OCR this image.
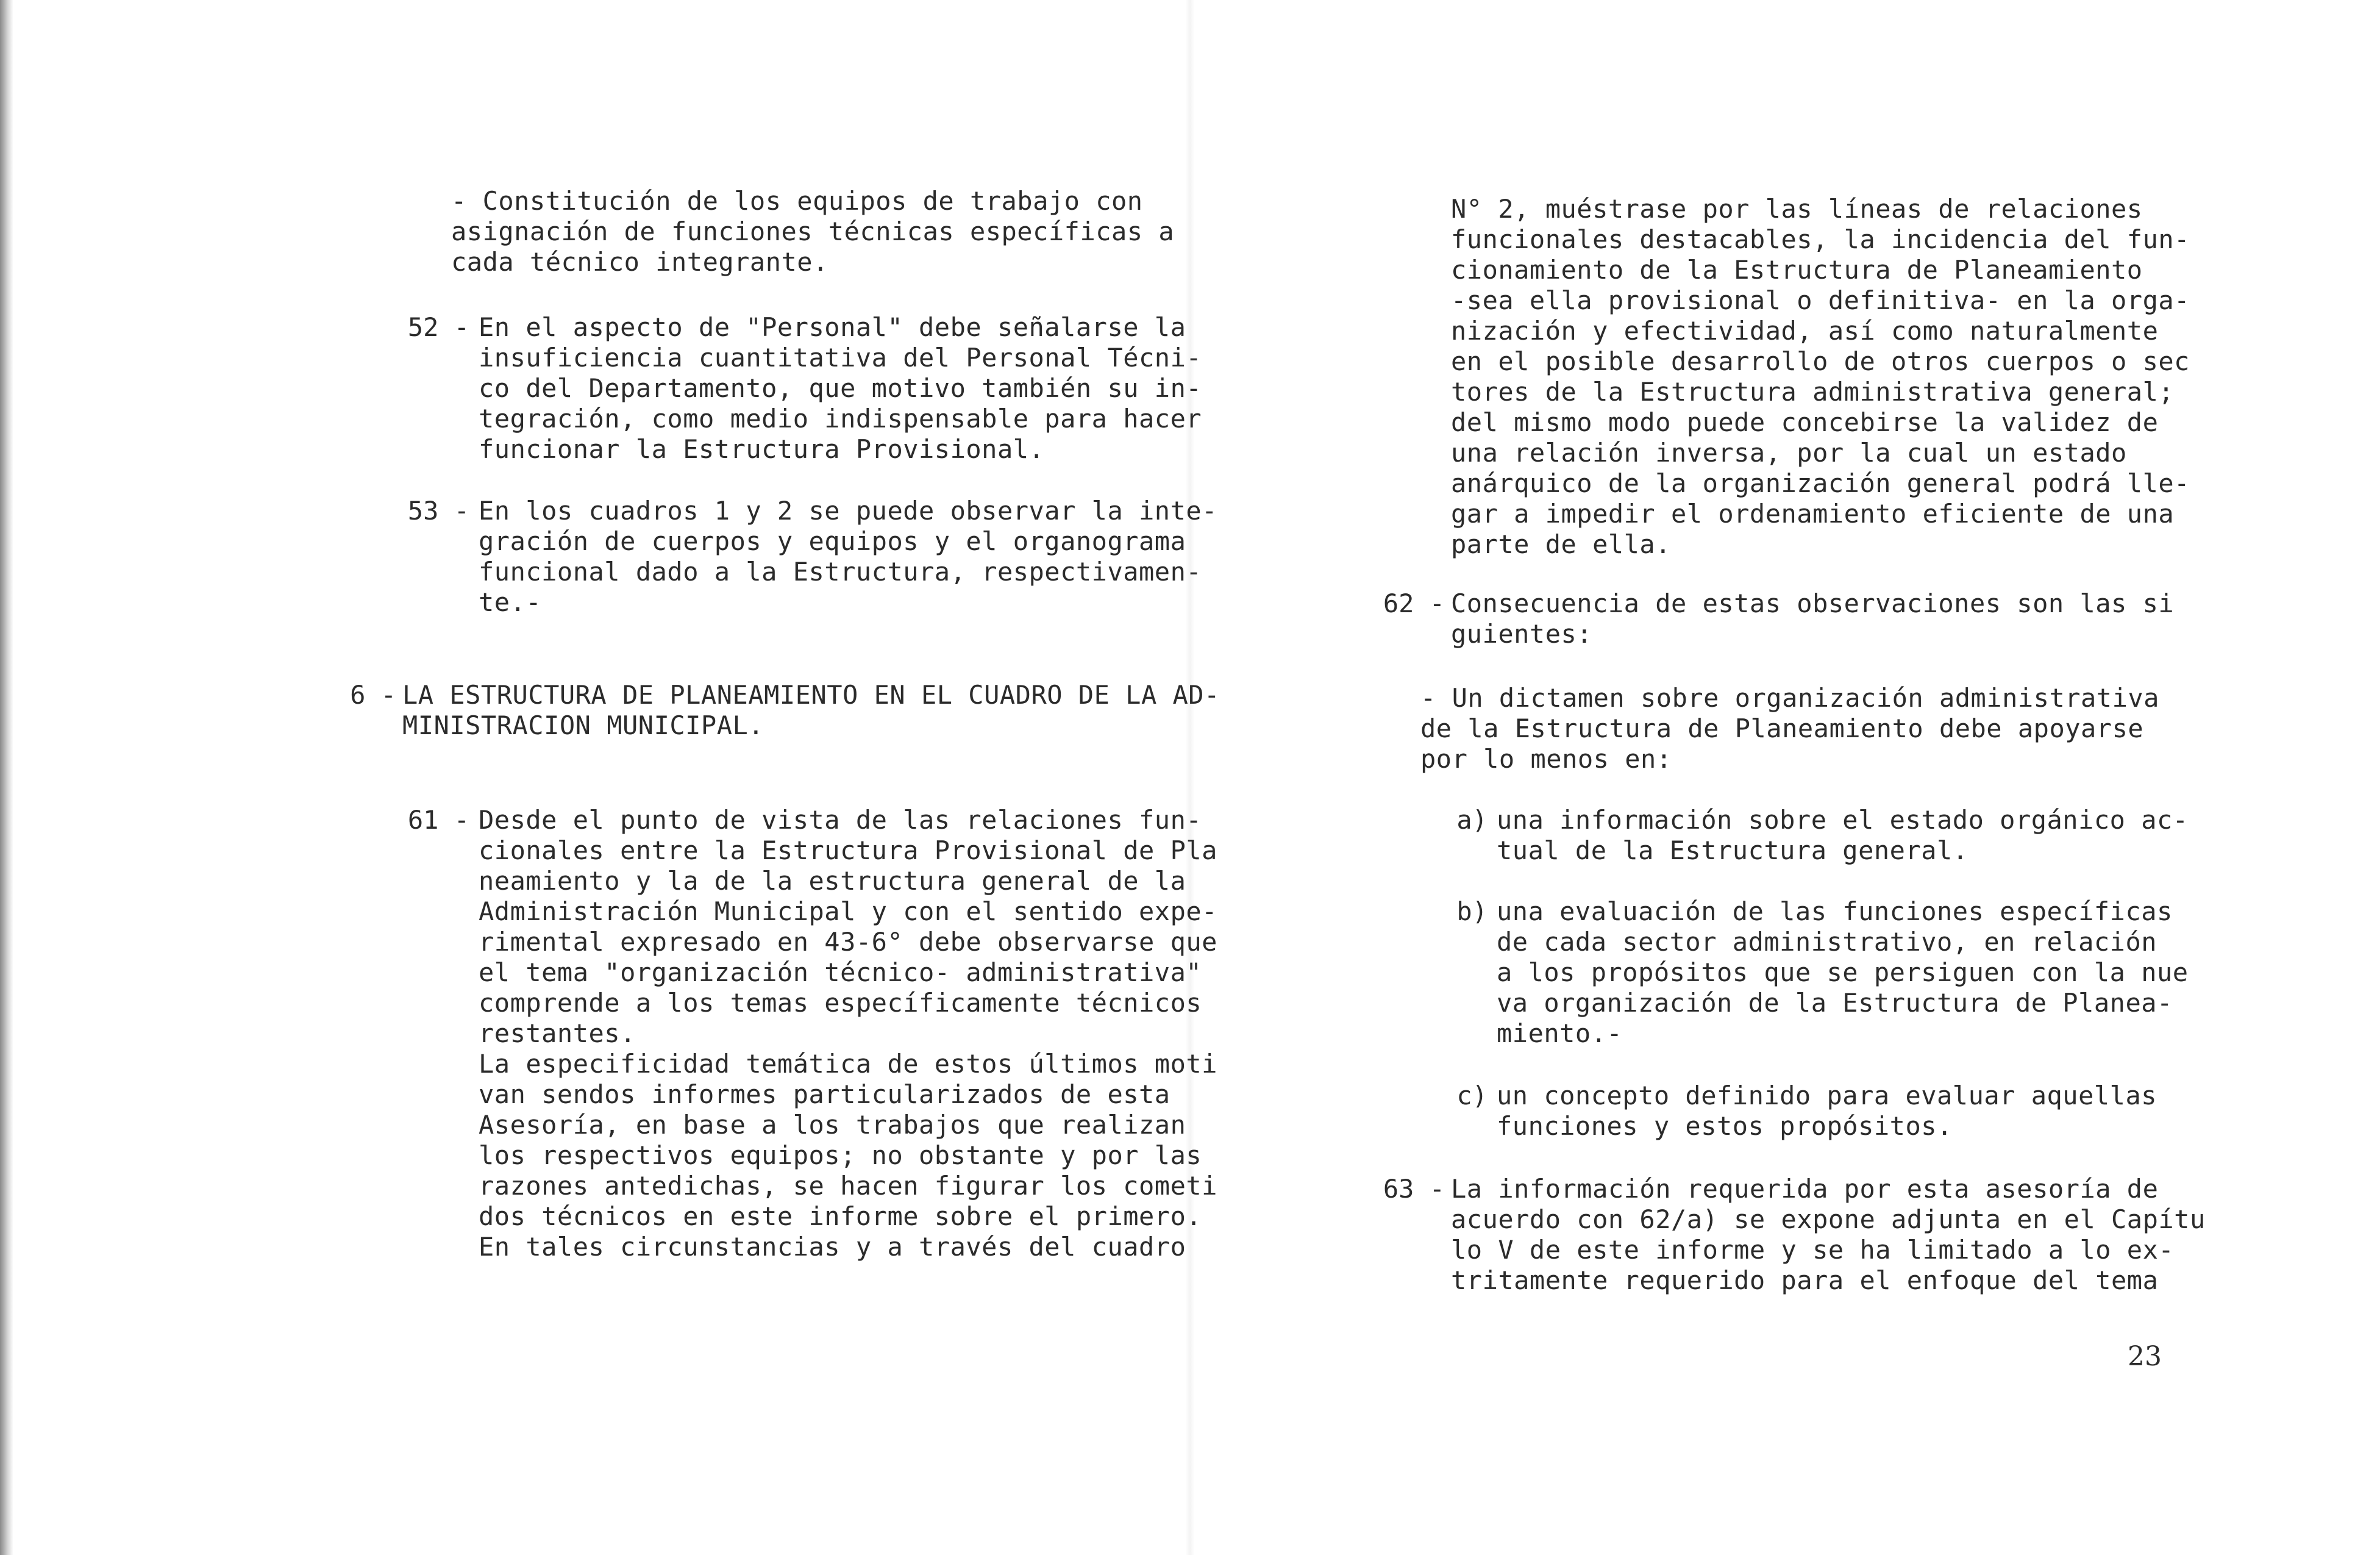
- Constitución de los equipos de trabajo con
asignación de funciones técnicas específicas a
cada técnico integrante.
52 - En el aspecto de "Personal" debe señalarse la
insuficiencia cuantitativa del Personal Técni-
co del Departamento, que motivo también su in-
tegración, como medio indispensable para hacer
funcionar la Estructura Provisional.
53 - En los cuadros 1 y 2 se puede observar la inte-
gración de cuerpos y equipos y el organograma
funcional dado a la Estructura, respectivamen-
te.-
6 - LA ESTRUCTURA DE PLANEAMIENTO EN EL CUADRO DE LA AD-
MINISTRACION MUNICIPAL.
61 - Desde el punto de vista de las relaciones fun-
cionales entre la Estructura Provisional de Pla
neamiento y la de la estructura general de la
Administración Municipal y con el sentido expe-
rimental expresado en 43-6° debe observarse que
el tema "organización técnico- administrativa"
comprende a los temas específicamente técnicos
restantes.
La especificidad temática de estos últimos moti
van sendos informes particularizados de esta
Asesoría, en base a los trabajos que realizan
los respectivos equipos; no obstante y por las
razones antedichas, se hacen figurar los cometi
dos técnicos en este informe sobre el primero.
En tales circunstancias y a través del cuadro
N° 2, muéstrase por las líneas de relaciones
funcionales destacables, la incidencia del fun-
cionamiento de la Estructura de Planeamiento
-sea ella provisional o definitiva- en la orga-
nización y efectividad, así como naturalmente
en el posible desarrollo de otros cuerpos o sec
tores de la Estructura administrativa general;
del mismo modo puede concebirse la validez de
una relación inversa, por la cual un estado
anárquico de la organización general podrá lle-
gar a impedir el ordenamiento eficiente de una
parte de ella.
62 - Consecuencia de estas observaciones son las si
guientes:
- Un dictamen sobre organización administrativa
de la Estructura de Planeamiento debe apoyarse
por lo menos en:
a) una información sobre el estado orgánico ac-
tual de la Estructura general.
b) una evaluación de las funciones específicas
de cada sector administrativo, en relación
a los propósitos que se persiguen con la nue
va organización de la Estructura de Planea-
miento.-
c) un concepto definido para evaluar aquellas
funciones y estos propósitos.
63 - La información requerida por esta asesoría de
acuerdo con 62/a) se expone adjunta en el Capítu
lo V de este informe y se ha limitado a lo ex-
tritamente requerido para el enfoque del tema
23
